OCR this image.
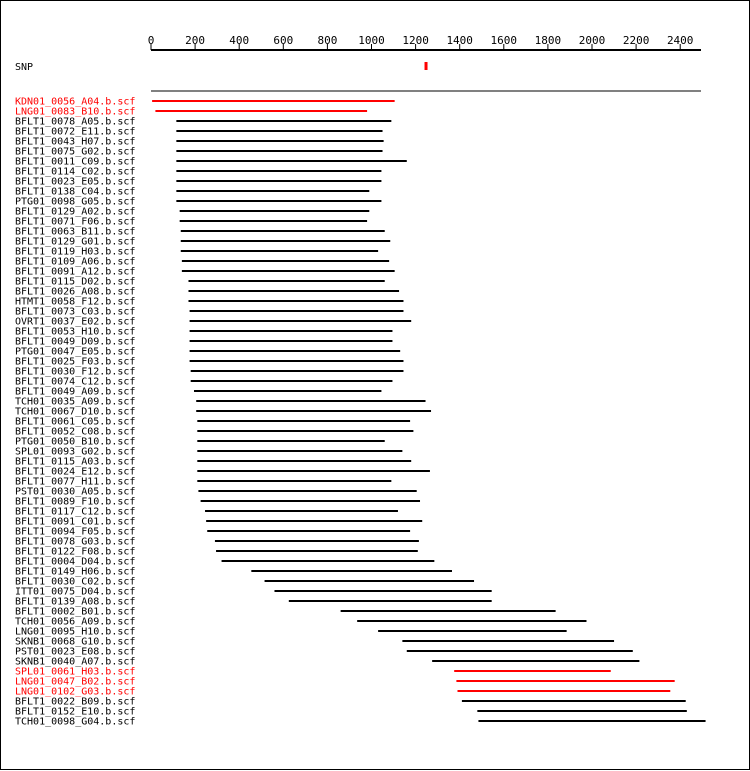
0	200 400 600 800 1000 1200 1400 1600 1800 2000 2200 2400
SNP
KDN01_0056_A04.b.scf
LNG01_0083_B10.b.scf
BFLT1_0078_A05.b.scf
BFLT1_0072_E11.b.scf
BFLT1_0043_H07.b.scf
BFLT1_0075_G02.b.scf
BFLT1_0011_C09.b.scf
BFLT1_0114_C02.b.scf
BFLT1_0023_E05.b.scf
BFLT1_0138_C04.b.scf
PTG01_0098_G05.b.scf
BFLT1_0129_A02.b.scf
BFLT1_0071_F06.b.scf
BFLT1_0063_B11.b.scf
BFLT1_0129_G01.b.scf
BFLT1_0119_H03.b.scf
BFLT1_0109_A06.b.scf
BFLT1_0091_A12.b.scf
BFLT1_0115_D02.b.scf
BFLT1_0026_A08.b.scf
HTMT1_0058_F12.b.scf
BFLT1_0073_C03.b.scf
OVRT1_0037_E02.b.scf
BFLT1_0053_H10.b.scf
BFLT1_0049_D09.b.scf
PTG01_0047_E05.b.scf
BFLT1_0025_F03.b.scf
BFLT1_0030_F12.b.scf
BFLT1_0074_C12.b.scf
BFLT1_0049_A09.b.scf
TCH01_0035_A09.b.scf
TCH01_0067_D10.b.scf
BFLT1_0061_C05.b.scf
BFLT1_0052_C08.b.scf
PTG01_0050_B10.b.scf
SPL01_0093_G02.b.scf
BFLT1_0115_A03.b.scf
BFLT1_0024_E12.b.scf
BFLT1_0077_H11.b.scf
PST01_0030_A05.b.scf
BFLT1_0089_F10.b.scf
BFLT1_0117_C12.b.scf
BFLT1_0091_C01.b.scf
BFLT1_0094_F05.b.scf
BFLT1_0078_G03.b.scf
BFLT1_0122_F08.b.scf
BFLT1_0004_D04.b.scf
BFLT1_0149_H06.b.scf
BFLT1_0030_C02.b.scf
ITT01_0075_D04.b.scf
BFLT1_0139_A08.b.scf
BFLT1_0002_B01.b.scf
TCH01_0056_A09.b.scf
LNG01_0095_H10.b.scf
SKNB1_0068_G10.b.scf
PST01_0023_E08.b.scf
SKNB1_0040_A07.b.scf
SPL01_0061_H03.b.scf
LNG01_0047_B02.b.scf
LNG01_0102_G03.b.scf
BFLT1_0022_B09.b.scf
BFLT1_0152_E10.b.scf
TCH01_0098_G04.b.scf
